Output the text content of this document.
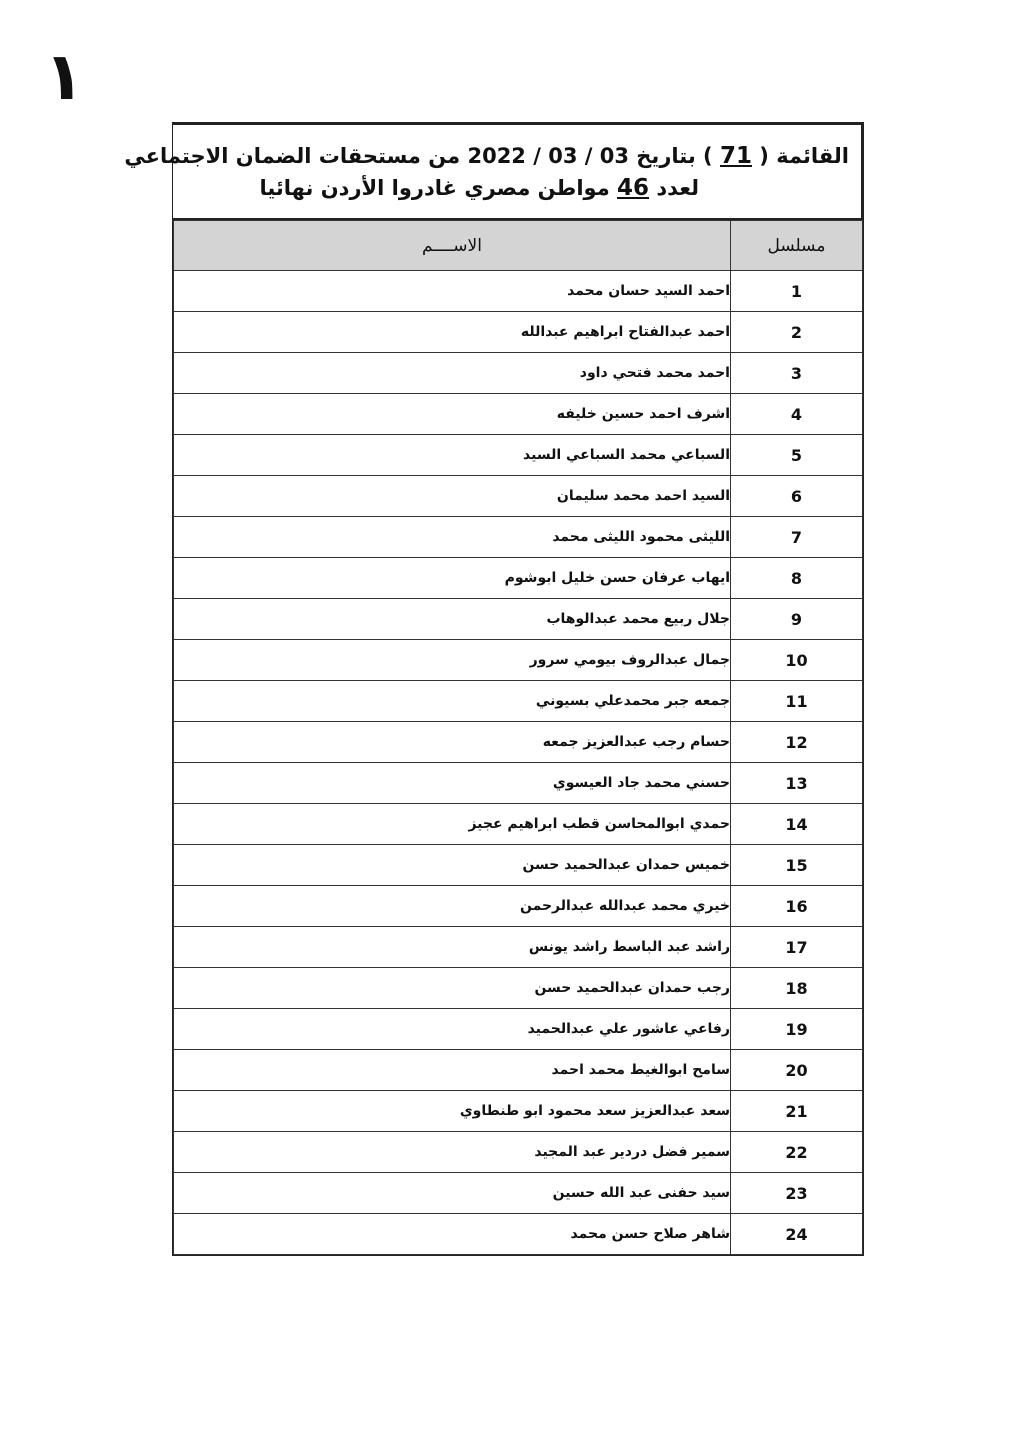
١
القائمة ( 71 ) بتاريخ 03 / 03 / 2022 من مستحقات الضمان الاجتماعي
لعدد 46 مواطن مصري غادروا الأردن نهائيا
مسلسل	الاســــم
1	احمد السيد حسان محمد
2	احمد عبدالفتاح ابراهيم عبدالله
3	احمد محمد فتحي داود
4	اشرف احمد حسين خليفه
5	السباعي محمد السباعي السيد
6	السيد احمد محمد سليمان
7	الليثى محمود الليثى محمد
8	ايهاب عرفان حسن خليل ابوشوم
9	جلال ربيع محمد عبدالوهاب
10	جمال عبدالروف بيومي سرور
11	جمعه جبر محمدعلي بسيوني
12	حسام رجب عبدالعزيز جمعه
13	حسني محمد جاد العيسوي
14	حمدي ابوالمحاسن قطب ابراهيم عجيز
15	خميس حمدان عبدالحميد حسن
16	خيري محمد عبدالله عبدالرحمن
17	راشد عبد الباسط راشد يونس
18	رجب حمدان عبدالحميد حسن
19	رفاعي عاشور علي عبدالحميد
20	سامح ابوالغيط محمد احمد
21	سعد عبدالعزيز سعد محمود ابو طنطاوي
22	سمير فضل دردير عبد المجيد
23	سيد حفنى عبد الله حسين
24	شاهر صلاح حسن محمد
